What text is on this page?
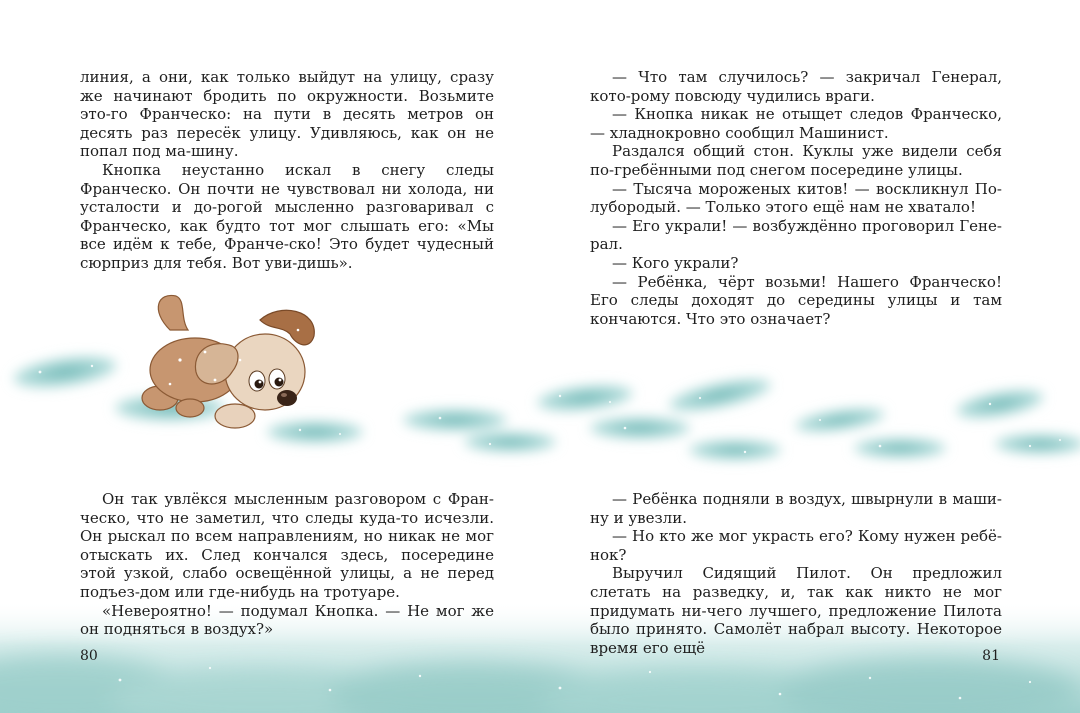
линия, а они, как только выйдут на улицу, сразу же начинают бродить по окружности. Возьмите это-го Франческо: на пути в десять метров он десять раз пересёк улицу. Удивляюсь, как он не попал под ма-шину.

Кнопка неустанно искал в снегу следы Франческо. Он почти не чувствовал ни холода, ни усталости и до-рогой мысленно разговаривал с Франческо, как будто тот мог слышать его: «Мы все идём к тебе, Франче-ско! Это будет чудесный сюрприз для тебя. Вот уви-дишь».

Он так увлёкся мысленным разговором с Фран-ческо, что не заметил, что следы куда-то исчезли. Он рыскал по всем направлениям, но никак не мог отыскать их. След кончался здесь, посередине этой узкой, слабо освещённой улицы, а не перед подъез-дом или где-нибудь на тротуаре.

«Невероятно! — подумал Кнопка. — Не мог же он подняться в воздух?»

80

— Что там случилось? — закричал Генерал, кото-рому повсюду чудились враги.

— Кнопка никак не отыщет следов Франческо, — хладнокровно сообщил Машинист.

Раздался общий стон. Куклы уже видели себя по-гребёнными под снегом посередине улицы.

— Тысяча мороженых китов! — воскликнул По-лубородый. — Только этого ещё нам не хватало!

— Его украли! — возбуждённо проговорил Гене-рал.

— Кого украли?

— Ребёнка, чёрт возьми! Нашего Франческо! Его следы доходят до середины улицы и там кончаются. Что это означает?

— Ребёнка подняли в воздух, швырнули в маши-ну и увезли.

— Но кто же мог украсть его? Кому нужен ребё-нок?

Выручил Сидящий Пилот. Он предложил слетать на разведку, и, так как никто не мог придумать ни-чего лучшего, предложение Пилота было принято. Самолёт набрал высоту. Некоторое время его ещё	81
